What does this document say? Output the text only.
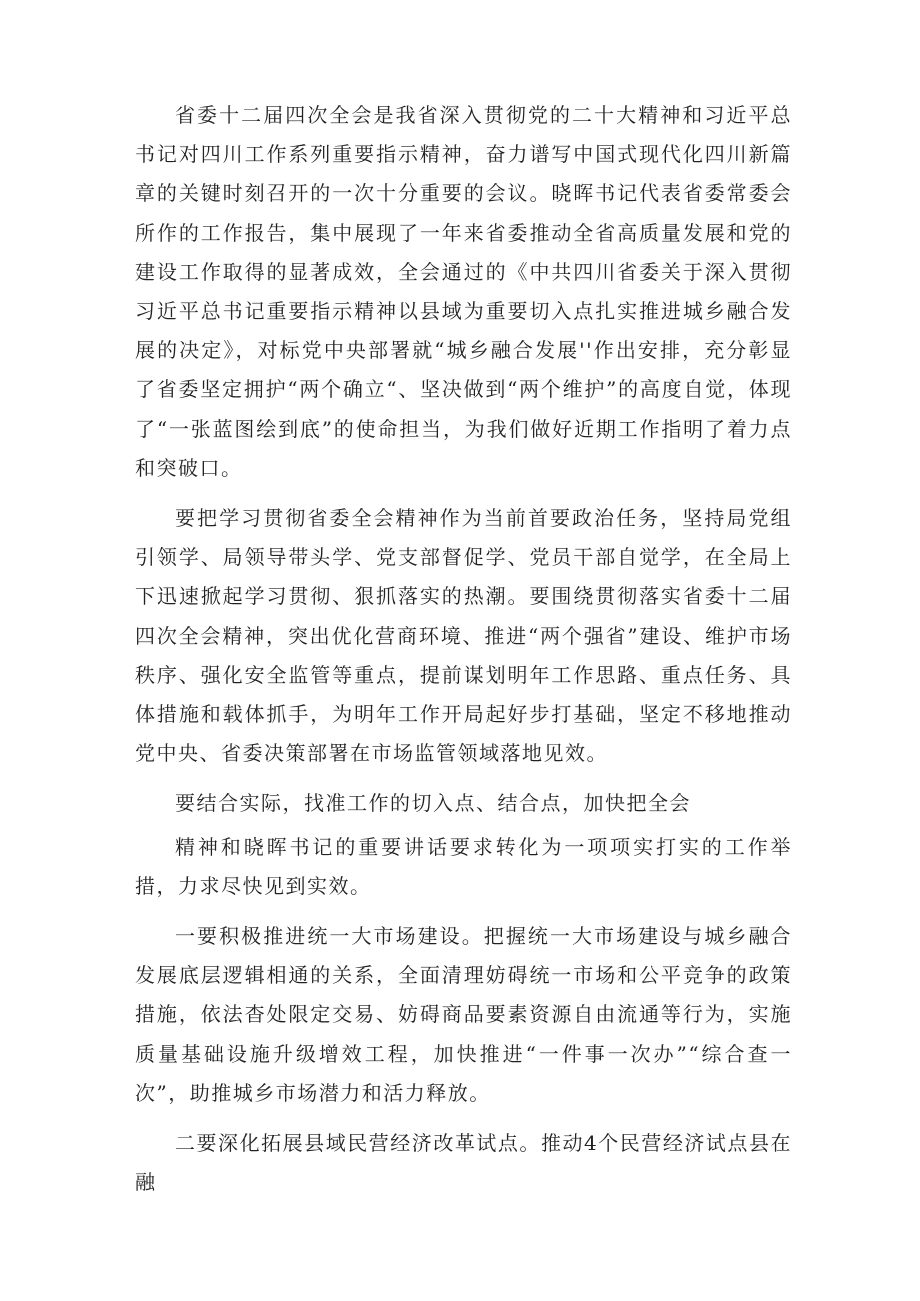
省委十二届四次全会是我省深入贯彻党的二十大精神和习近平总书记对四川工作系列重要指示精神，奋力谱写中国式现代化四川新篇章的关键时刻召开的一次十分重要的会议。晓晖书记代表省委常委会所作的工作报告，集中展现了一年来省委推动全省高质量发展和党的建设工作取得的显著成效，全会通过的《中共四川省委关于深入贯彻习近平总书记重要指示精神以县域为重要切入点扎实推进城乡融合发展的决定》，对标党中央部署就“城乡融合发展''作出安排，充分彰显了省委坚定拥护“两个确立“、坚决做到“两个维护”的高度自觉，体现了“一张蓝图绘到底”的使命担当，为我们做好近期工作指明了着力点和突破口。

要把学习贯彻省委全会精神作为当前首要政治任务，坚持局党组引领学、局领导带头学、党支部督促学、党员干部自觉学，在全局上下迅速掀起学习贯彻、狠抓落实的热潮。要围绕贯彻落实省委十二届四次全会精神，突出优化营商环境、推进“两个强省”建设、维护市场秩序、强化安全监管等重点，提前谋划明年工作思路、重点任务、具体措施和载体抓手，为明年工作开局起好步打基础，坚定不移地推动党中央、省委决策部署在市场监管领域落地见效。

要结合实际，找准工作的切入点、结合点，加快把全会

精神和晓晖书记的重要讲话要求转化为一项项实打实的工作举措，力求尽快见到实效。

一要积极推进统一大市场建设。把握统一大市场建设与城乡融合发展底层逻辑相通的关系，全面清理妨碍统一市场和公平竞争的政策措施，依法杳处限定交易、妨碍商品要素资源自由流通等行为，实施质量基础设施升级增效工程，加快推进“一件事一次办”“综合查一次”，助推城乡市场潜力和活力释放。

二要深化拓展县域民营经济改革试点。推动4个民营经济试点县在融
